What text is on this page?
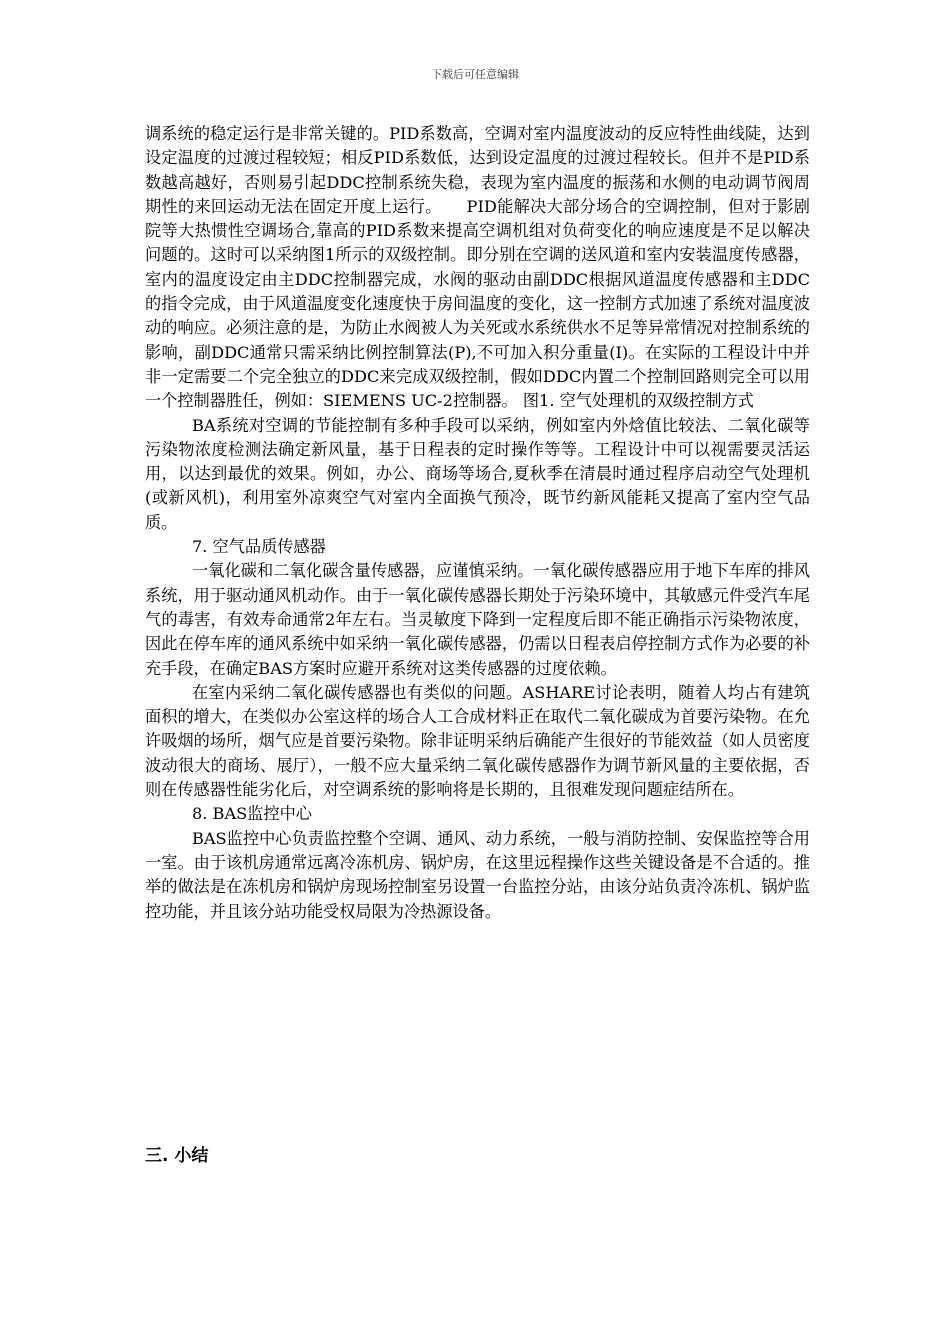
下载后可任意编辑

调系统的稳定运行是非常关键的。PID系数高，空调对室内温度波动的反应特性曲线陡，达到设定温度的过渡过程较短；相反PID系数低，达到设定温度的过渡过程较长。但并不是PID系数越高越好，否则易引起DDC控制系统失稳，表现为室内温度的振荡和水侧的电动调节阀周期性的来回运动无法在固定开度上运行。　　PID能解决大部分场合的空调控制，但对于影剧院等大热惯性空调场合,靠高的PID系数来提高空调机组对负荷变化的响应速度是不足以解决问题的。这时可以采纳图1所示的双级控制。即分别在空调的送风道和室内安装温度传感器，室内的温度设定由主DDC控制器完成，水阀的驱动由副DDC根据风道温度传感器和主DDC的指令完成，由于风道温度变化速度快于房间温度的变化，这一控制方式加速了系统对温度波动的响应。必须注意的是，为防止水阀被人为关死或水系统供水不足等异常情况对控制系统的影响，副DDC通常只需采纳比例控制算法(P),不可加入积分重量(I)。在实际的工程设计中并非一定需要二个完全独立的DDC来完成双级控制，假如DDC内置二个控制回路则完全可以用一个控制器胜任，例如：SIEMENS UC-2控制器。 图1. 空气处理机的双级控制方式

BA系统对空调的节能控制有多种手段可以采纳，例如室内外焓值比较法、二氧化碳等污染物浓度检测法确定新风量，基于日程表的定时操作等等。工程设计中可以视需要灵活运用，以达到最优的效果。例如，办公、商场等场合,夏秋季在清晨时通过程序启动空气处理机(或新风机)，利用室外凉爽空气对室内全面换气预冷，既节约新风能耗又提高了室内空气品质。

7. 空气品质传感器

一氧化碳和二氧化碳含量传感器，应谨慎采纳。一氧化碳传感器应用于地下车库的排风系统，用于驱动通风机动作。由于一氧化碳传感器长期处于污染环境中，其敏感元件受汽车尾气的毒害，有效寿命通常2年左右。当灵敏度下降到一定程度后即不能正确指示污染物浓度，因此在停车库的通风系统中如采纳一氧化碳传感器，仍需以日程表启停控制方式作为必要的补充手段，在确定BAS方案时应避开系统对这类传感器的过度依赖。

在室内采纳二氧化碳传感器也有类似的问题。ASHARE讨论表明，随着人均占有建筑面积的增大，在类似办公室这样的场合人工合成材料正在取代二氧化碳成为首要污染物。在允许吸烟的场所，烟气应是首要污染物。除非证明采纳后确能产生很好的节能效益（如人员密度波动很大的商场、展厅），一般不应大量采纳二氧化碳传感器作为调节新风量的主要依据，否则在传感器性能劣化后，对空调系统的影响将是长期的，且很难发现问题症结所在。

8. BAS监控中心

BAS监控中心负责监控整个空调、通风、动力系统，一般与消防控制、安保监控等合用一室。由于该机房通常远离冷冻机房、锅炉房，在这里远程操作这些关键设备是不合适的。推举的做法是在冻机房和锅炉房现场控制室另设置一台监控分站，由该分站负责冷冻机、锅炉监控功能，并且该分站功能受权局限为冷热源设备。

三. 小结
